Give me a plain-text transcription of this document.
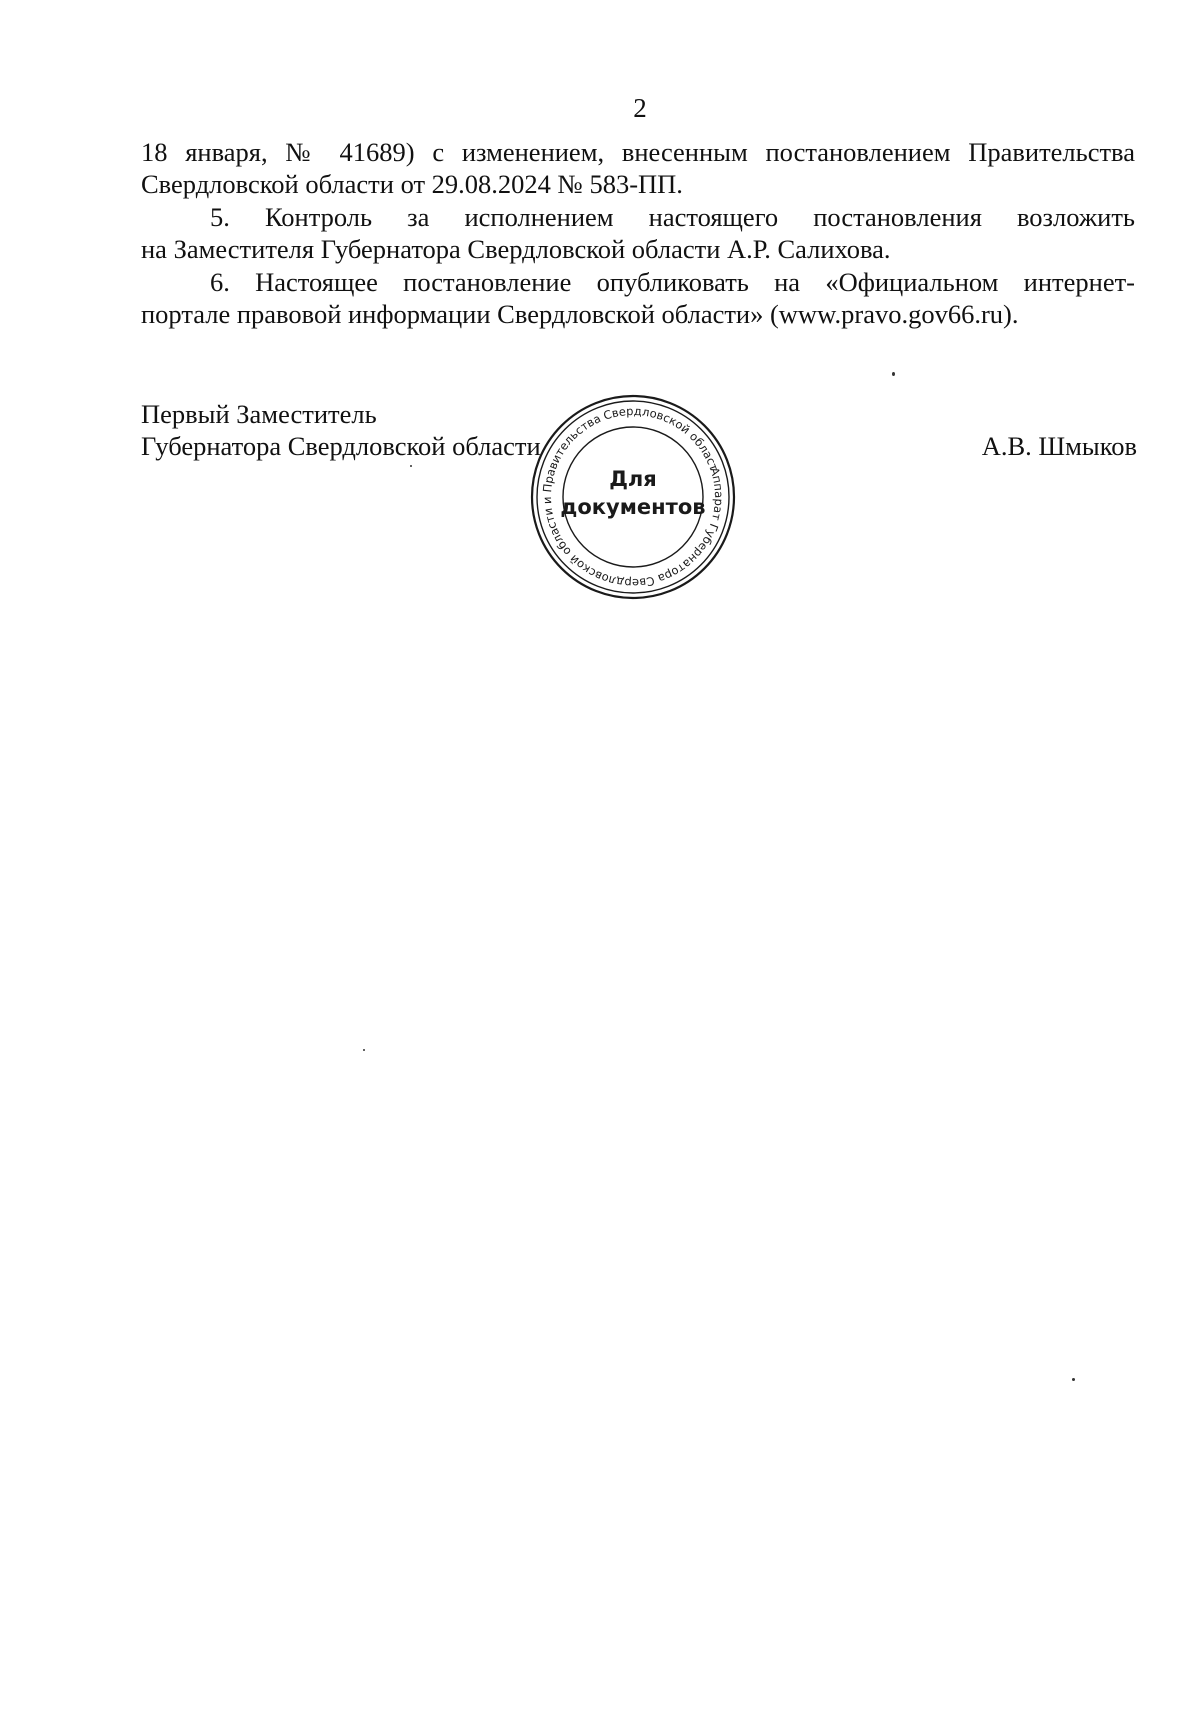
2
18 января, № 41689) с изменением, внесенным постановлением Правительства
Свердловской области от 29.08.2024 № 583-ПП.
5. Контроль за исполнением настоящего постановления возложить
на Заместителя Губернатора Свердловской области А.Р. Салихова.
6. Настоящее постановление опубликовать на «Официальном интернет-
портале правовой информации Свердловской области» (www.pravo.gov66.ru).
Первый Заместитель
Губернатора Свердловской области	А.В. Шмыков
Аппарат Губернатора Свердловской области и Правительства Свердловской области
Для
документов
